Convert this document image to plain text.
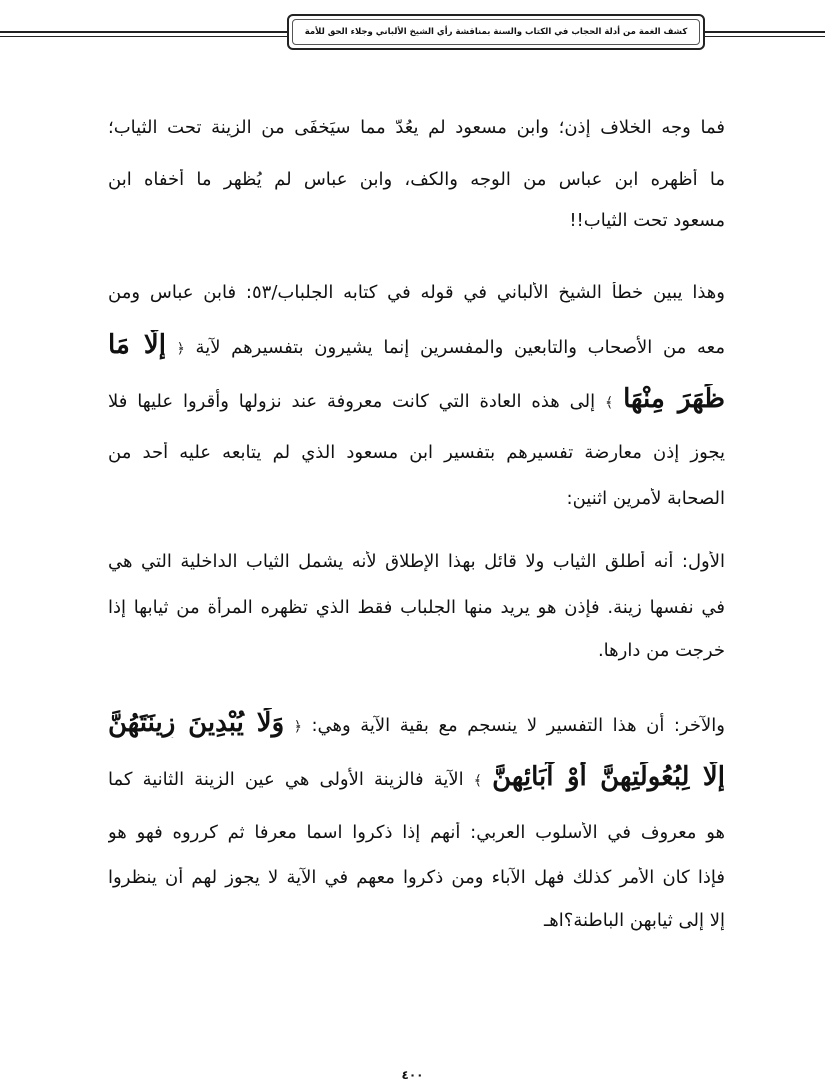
كشف الغمة من أدلة الحجاب في الكتاب والسنة بمناقشة رأي الشيخ الألباني وجلاء الحق للأمة
فما وجه الخلاف إذن؛ وابن مسعود لم يعُدّ مما سيَخفَى من الزينة تحت الثياب؛
ما أظهره ابن عباس من الوجه والكف، وابن عباس لم يُظهر ما أخفاه ابن
مسعود تحت الثياب!!
وهذا يبين خطأ الشيخ الألباني في قوله في كتابه الجلباب/٥٣: فابن عباس ومن
معه من الأصحاب والتابعين والمفسرين إنما يشيرون بتفسيرهم لآية ﴿ إِلَّا مَا
ظَهَرَ مِنْهَا ﴾ إلى هذه العادة التي كانت معروفة عند نزولها وأقروا عليها فلا
يجوز إذن معارضة تفسيرهم بتفسير ابن مسعود الذي لم يتابعه عليه أحد من
الصحابة لأمرين اثنين:
الأول: أنه أطلق الثياب ولا قائل بهذا الإطلاق لأنه يشمل الثياب الداخلية التي هي
في نفسها زينة. فإذن هو يريد منها الجلباب فقط الذي تظهره المرأة من ثيابها إذا
خرجت من دارها.
والآخر: أن هذا التفسير لا ينسجم مع بقية الآية وهي: ﴿ وَلَا يُبْدِينَ زِينَتَهُنَّ
إِلَّا لِبُعُولَتِهِنَّ أَوْ آبَائِهِنَّ ﴾ الآية فالزينة الأولى هي عين الزينة الثانية كما
هو معروف في الأسلوب العربي: أنهم إذا ذكروا اسما معرفا ثم كرروه فهو هو
فإذا كان الأمر كذلك فهل الآباء ومن ذكروا معهم في الآية لا يجوز لهم أن ينظروا
إلا إلى ثيابهن الباطنة؟اهـ
٤٠٠
